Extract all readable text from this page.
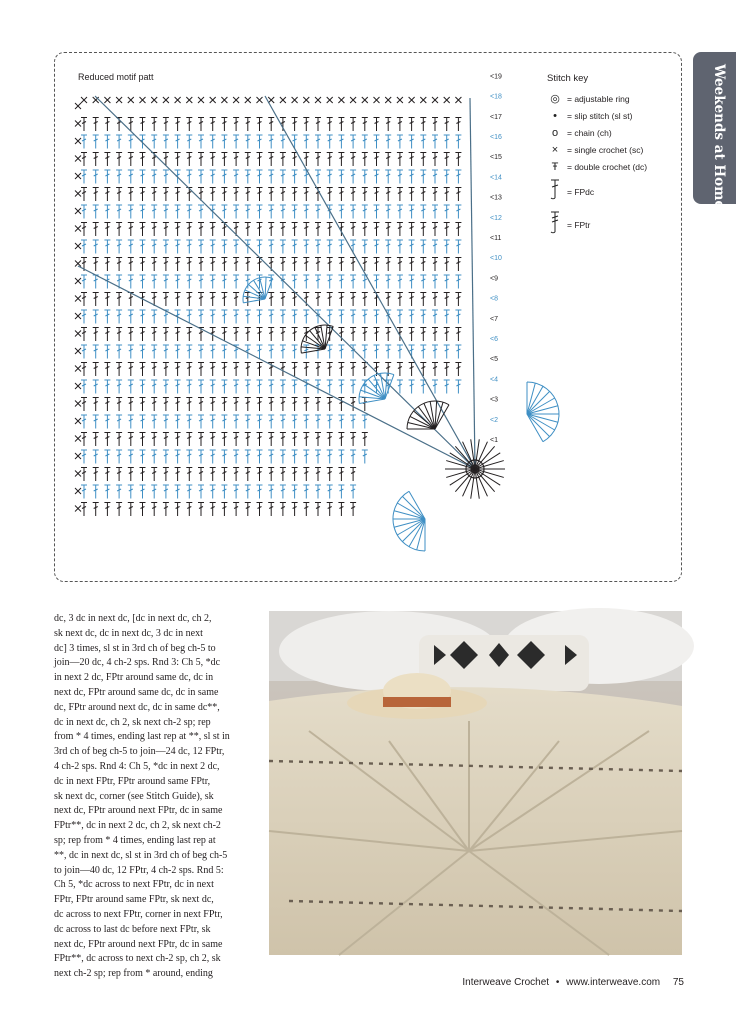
Reduced motif patt
<1
<2
<3
<4
<5
<6
<7
<8
<9
<10
<11
<12
<13
<14
<15
<16
<17
<18
<19	Stitch key
◎ = adjustable ring
•	= slip stitch (sl st)
o	= chain (ch)
×	= single crochet (sc)
Ŧ	= double crochet (dc)
= FPdc
= FPtr
Weekends at Home
dc, 3 dc in next dc, [dc in next dc, ch 2,
sk next dc, dc in next dc, 3 dc in next
dc] 3 times, sl st in 3rd ch of beg ch-5 to
join—20 dc, 4 ch-2 sps. Rnd 3: Ch 5, *dc
in next 2 dc, FPtr around same dc, dc in
next dc, FPtr around same dc, dc in same
dc, FPtr around next dc, dc in same dc**,
dc in next dc, ch 2, sk next ch-2 sp; rep
from * 4 times, ending last rep at **, sl st in
3rd ch of beg ch-5 to join—24 dc, 12 FPtr,
4 ch-2 sps. Rnd 4: Ch 5, *dc in next 2 dc,
dc in next FPtr, FPtr around same FPtr,
sk next dc, corner (see Stitch Guide), sk
next dc, FPtr around next FPtr, dc in same
FPtr**, dc in next 2 dc, ch 2, sk next ch-2
sp; rep from * 4 times, ending last rep at
**, dc in next dc, sl st in 3rd ch of beg ch-5
to join—40 dc, 12 FPtr, 4 ch-2 sps. Rnd 5:
Ch 5, *dc across to next FPtr, dc in next
FPtr, FPtr around same FPtr, sk next dc,
dc across to next FPtr, corner in next FPtr,
dc across to last dc before next FPtr, sk
next dc, FPtr around next FPtr, dc in same
FPtr**, dc across to next ch-2 sp, ch 2, sk
next ch-2 sp; rep from * around, ending
Interweave Crochet • www.interweave.com 75
